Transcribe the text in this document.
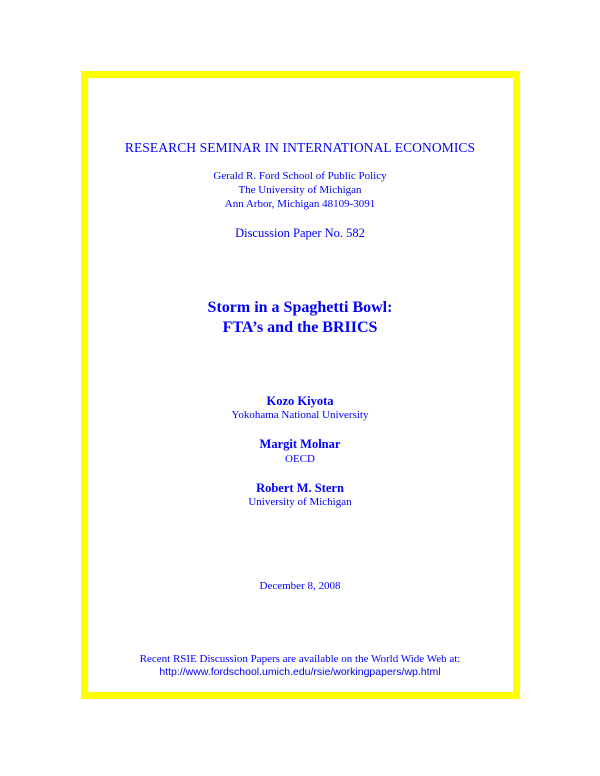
RESEARCH SEMINAR IN INTERNATIONAL ECONOMICS
Gerald R. Ford School of Public Policy
The University of Michigan
Ann Arbor, Michigan 48109-3091
Discussion Paper No. 582
Storm in a Spaghetti Bowl:
FTA’s and the BRIICS
Kozo Kiyota
Yokohama National University
Margit Molnar
OECD
Robert M. Stern
University of Michigan
December 8, 2008
Recent RSIE Discussion Papers are available on the World Wide Web at:
http://www.fordschool.umich.edu/rsie/workingpapers/wp.html
